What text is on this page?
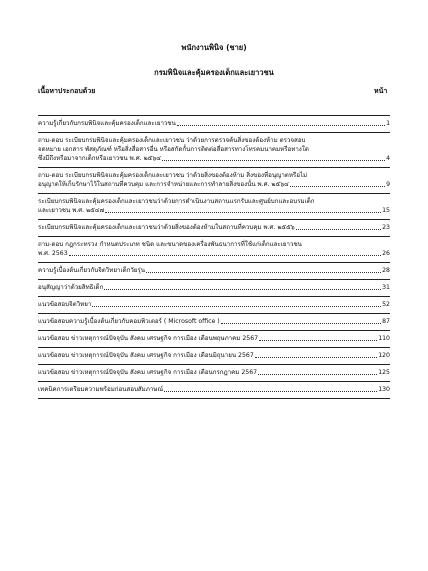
พนักงานพินิจ (ชาย)
กรมพินิจและคุ้มครองเด็กและเยาวชน
เนื้อหาประกอบด้วย	หน้า
ความรู้เกี่ยวกับกรมพินิจและคุ้มครองเด็กและเยาวชน	1
ถาม-ตอบ ระเบียบกรมพินิจและคุ้มครองเด็กและเยาวชน ว่าด้วยการตรวจค้นสิ่งของต้องห้าม ตรวจสอบ
จดหมาย เอกสาร พัสดุภัณฑ์ หรือสิ่งสื่อสารอื่น หรือสกัดกั้นการติดต่อสื่อสารทางโทรคมนาคมหรือทางใด
ซึ่งมีถึงหรือมาจากเด็กหรือเยาวชน พ.ศ. ๒๕๖๔	4
ถาม-ตอบ ระเบียบกรมพินิจและคุ้มครองเด็กและเยาวชน ว่าด้วยสิ่งของต้องห้าม สิ่งของที่อนุญาตหรือไม่
อนุญาตให้เก็บรักษาไว้ในสถานที่ควบคุม และการจำหน่ายและการทำลายสิ่งของนั้น พ.ศ. ๒๕๖๔	9
ระเบียบกรมพินิจและคุ้มครองเด็กและเยาวชนว่าด้วยการดำเนินงานสถานแรกรับและศูนย์บกและอบรมเด็ก
และเยาวชน พ.ศ. ๒๕๔๗	15
ระเบียบกรมพินิจและคุ้มครองเด็กและเยาวชนว่าด้วยสิ่งของต้องห้ามในสถานที่ควบคุม พ.ศ. ๒๕๕๖	23
ถาม-ตอบ กฎกระทรวง กำหนดประเภท ชนิด และขนาดของเครื่องพันธนาการที่ใช้แก่เด็กและเยาวชน
พ.ศ. 2563	26
ความรู้เบื้องต้นเกี่ยวกับจิตวิทยาเด็กวัยรุ่น	28
อนุสัญญาว่าด้วยสิทธิเด็ก	31
แนวข้อสอบจิตวิทยา	52
แนวข้อสอบความรู้เบื้องต้นเกี่ยวกับคอมพิวเตอร์ ( Microsoft office )	87
แนวข้อสอบ ข่าวเหตุการณ์ปัจจุบัน สังคม เศรษฐกิจ การเมือง เดือนพฤษภาคม 2567	110
แนวข้อสอบ ข่าวเหตุการณ์ปัจจุบัน สังคม เศรษฐกิจ การเมือง เดือนมิถุนายน 2567	120
แนวข้อสอบ ข่าวเหตุการณ์ปัจจุบัน สังคม เศรษฐกิจ การเมือง เดือนกรกฎาคม 2567	125
เทคนิคการเตรียมความพร้อมก่อนสอบสัมภาษณ์	130
